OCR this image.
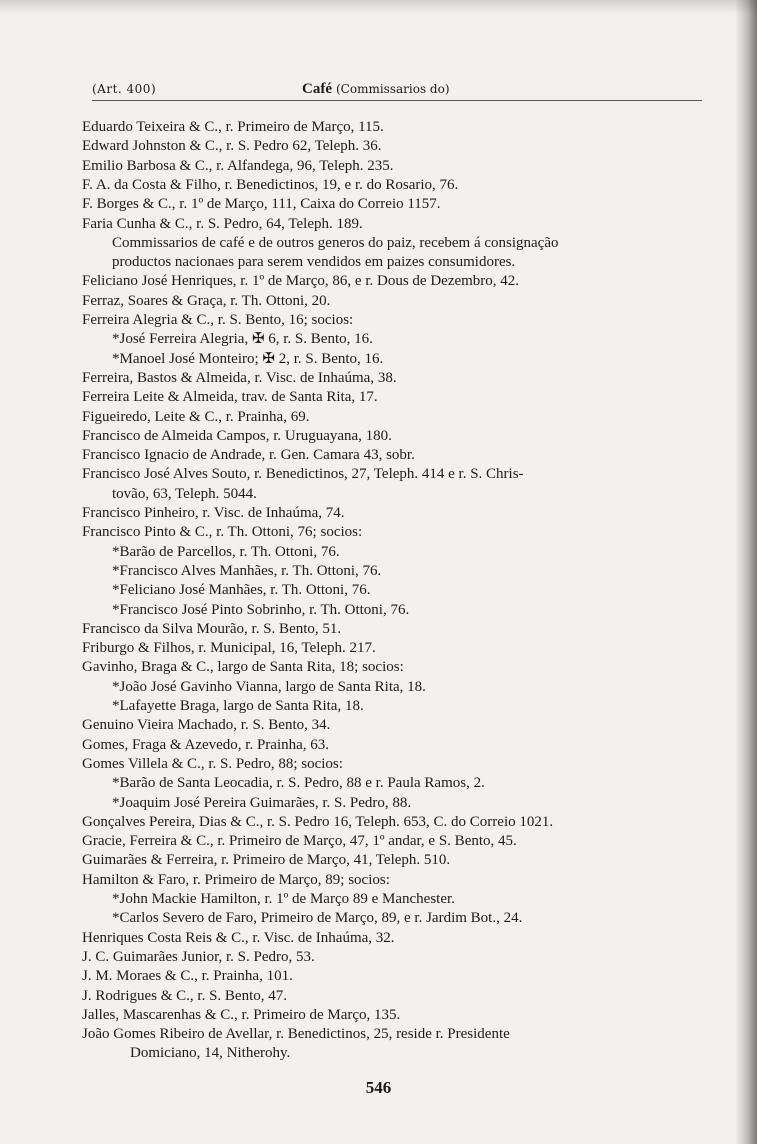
(Art. 400)	Café (Commissarios do)
Eduardo Teixeira & C., r. Primeiro de Março, 115.
Edward Johnston & C., r. S. Pedro 62, Teleph. 36.
Emilio Barbosa & C., r. Alfandega, 96, Teleph. 235.
F. A. da Costa & Filho, r. Benedictinos, 19, e r. do Rosario, 76.
F. Borges & C., r. 1º de Março, 111, Caixa do Correio 1157.
Faria Cunha & C., r. S. Pedro, 64, Teleph. 189.
Commissarios de café e de outros generos do paiz, recebem á consignação
productos nacionaes para serem vendidos em paizes consumidores.
Feliciano José Henriques, r. 1º de Março, 86, e r. Dous de Dezembro, 42.
Ferraz, Soares & Graça, r. Th. Ottoni, 20.
Ferreira Alegria & C., r. S. Bento, 16; socios:
*José Ferreira Alegria, ✠ 6, r. S. Bento, 16.
*Manoel José Monteiro; ✠ 2, r. S. Bento, 16.
Ferreira, Bastos & Almeida, r. Visc. de Inhaúma, 38.
Ferreira Leite & Almeida, trav. de Santa Rita, 17.
Figueiredo, Leite & C., r. Prainha, 69.
Francisco de Almeida Campos, r. Uruguayana, 180.
Francisco Ignacio de Andrade, r. Gen. Camara 43, sobr.
Francisco José Alves Souto, r. Benedictinos, 27, Teleph. 414 e r. S. Chris-
tovão, 63, Teleph. 5044.
Francisco Pinheiro, r. Visc. de Inhaúma, 74.
Francisco Pinto & C., r. Th. Ottoni, 76; socios:
*Barão de Parcellos, r. Th. Ottoni, 76.
*Francisco Alves Manhães, r. Th. Ottoni, 76.
*Feliciano José Manhães, r. Th. Ottoni, 76.
*Francisco José Pinto Sobrinho, r. Th. Ottoni, 76.
Francisco da Silva Mourão, r. S. Bento, 51.
Friburgo & Filhos, r. Municipal, 16, Teleph. 217.
Gavinho, Braga & C., largo de Santa Rita, 18; socios:
*João José Gavinho Vianna, largo de Santa Rita, 18.
*Lafayette Braga, largo de Santa Rita, 18.
Genuino Vieira Machado, r. S. Bento, 34.
Gomes, Fraga & Azevedo, r. Prainha, 63.
Gomes Villela & C., r. S. Pedro, 88; socios:
*Barão de Santa Leocadia, r. S. Pedro, 88 e r. Paula Ramos, 2.
*Joaquim José Pereira Guimarães, r. S. Pedro, 88.
Gonçalves Pereira, Dias & C., r. S. Pedro 16, Teleph. 653, C. do Correio 1021.
Gracie, Ferreira & C., r. Primeiro de Março, 47, 1º andar, e S. Bento, 45.
Guimarães & Ferreira, r. Primeiro de Março, 41, Teleph. 510.
Hamilton & Faro, r. Primeiro de Março, 89; socios:
*John Mackie Hamilton, r. 1º de Março 89 e Manchester.
*Carlos Severo de Faro, Primeiro de Março, 89, e r. Jardim Bot., 24.
Henriques Costa Reis & C., r. Visc. de Inhaúma, 32.
J. C. Guimarães Junior, r. S. Pedro, 53.
J. M. Moraes & C., r. Prainha, 101.
J. Rodrigues & C., r. S. Bento, 47.
Jalles, Mascarenhas & C., r. Primeiro de Março, 135.
João Gomes Ribeiro de Avellar, r. Benedictinos, 25, reside r. Presidente
Domiciano, 14, Nitherohy.
546
